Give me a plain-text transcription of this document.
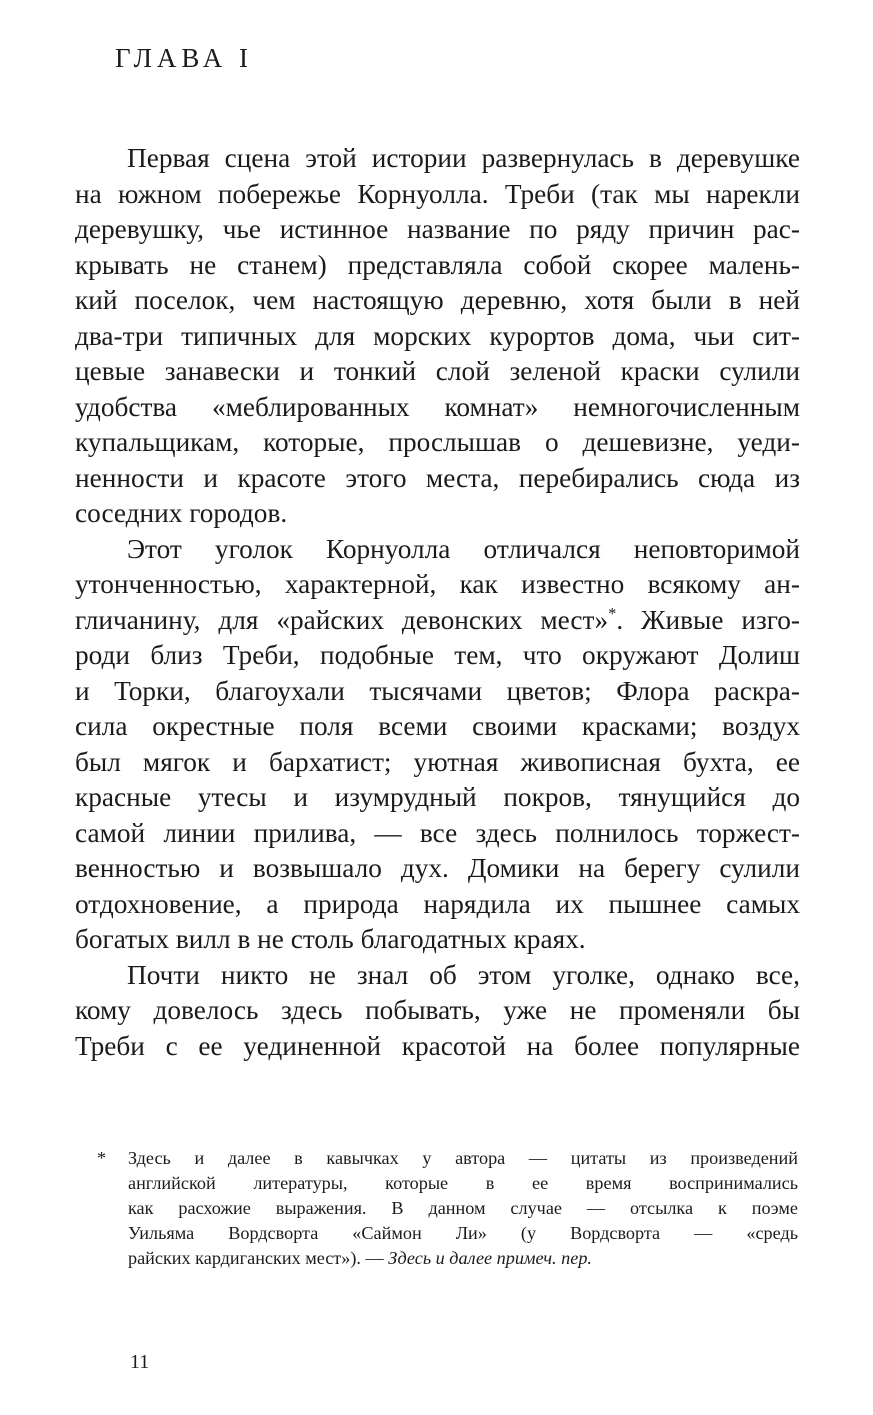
ГЛАВА I
Первая сцена этой истории развернулась в деревушке
на южном побережье Корнуолла. Треби (так мы нарекли
деревушку, чье истинное название по ряду причин рас-
крывать не станем) представляла собой скорее малень-
кий поселок, чем настоящую деревню, хотя были в ней
два-три типичных для морских курортов дома, чьи сит-
цевые занавески и тонкий слой зеленой краски сулили
удобства «меблированных комнат» немногочисленным
купальщикам, которые, прослышав о дешевизне, уеди-
ненности и красоте этого места, перебирались сюда из
соседних городов.
Этот уголок Корнуолла отличался неповторимой
утонченностью, характерной, как известно всякому ан-
гличанину, для «райских девонских мест»*. Живые изго-
роди близ Треби, подобные тем, что окружают Долиш
и Торки, благоухали тысячами цветов; Флора раскра-
сила окрестные поля всеми своими красками; воздух
был мягок и бархатист; уютная живописная бухта, ее
красные утесы и изумрудный покров, тянущийся до
самой линии прилива, — все здесь полнилось торжест-
венностью и возвышало дух. Домики на берегу сулили
отдохновение, а природа нарядила их пышнее самых
богатых вилл в не столь благодатных краях.
Почти никто не знал об этом уголке, однако все,
кому довелось здесь побывать, уже не променяли бы
Треби с ее уединенной красотой на более популярные
*	Здесь и далее в кавычках у автора — цитаты из произведений
английской литературы, которые в ее время воспринимались
как расхожие выражения. В данном случае — отсылка к поэме
Уильяма Вордсворта «Саймон Ли» (у Вордсворта — «средь
райских кардиганских мест»). — Здесь и далее примеч. пер.
11
